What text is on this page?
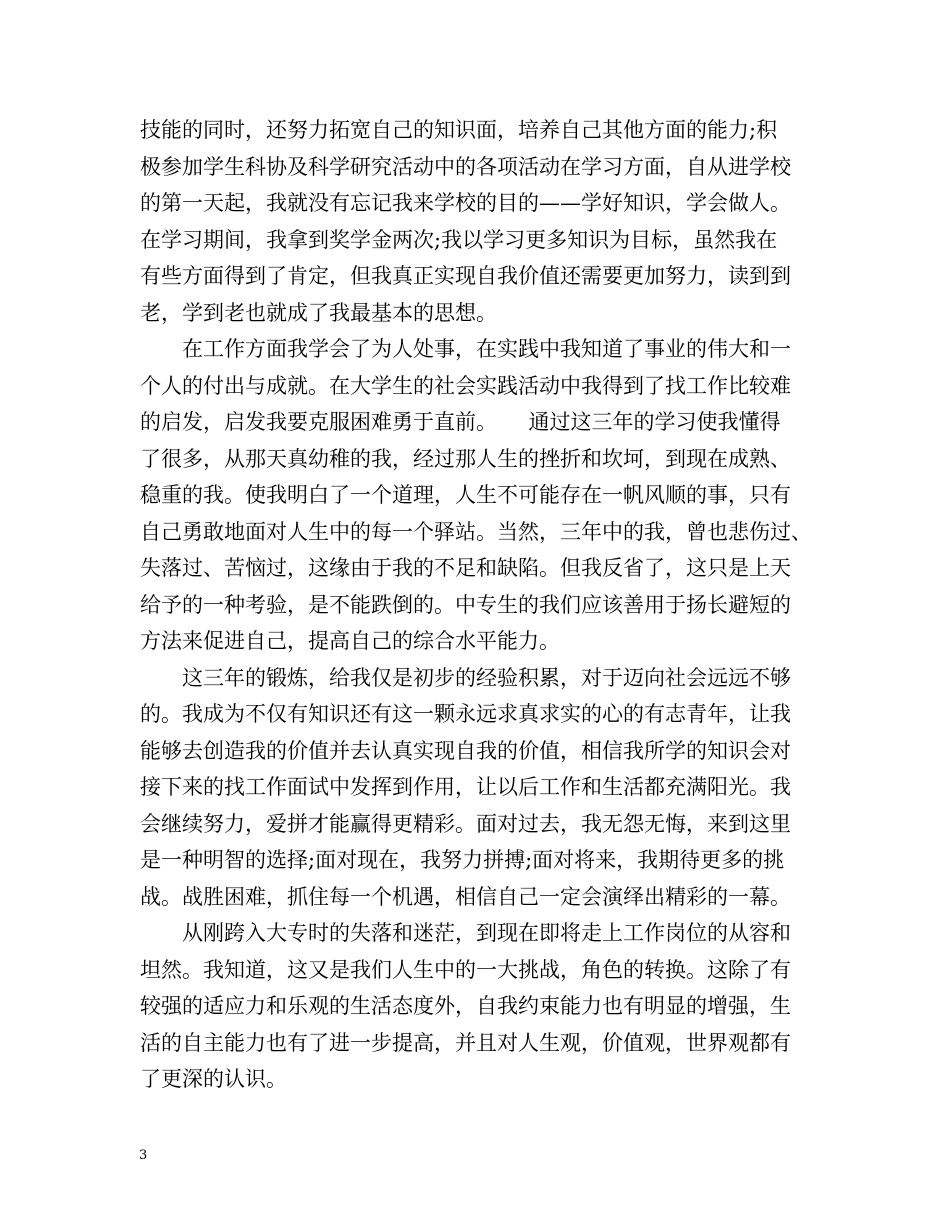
技能的同时，还努力拓宽自己的知识面，培养自己其他方面的能力;积
极参加学生科协及科学研究活动中的各项活动在学习方面，自从进学校
的第一天起，我就没有忘记我来学校的目的——学好知识，学会做人。
在学习期间，我拿到奖学金两次;我以学习更多知识为目标，虽然我在
有些方面得到了肯定，但我真正实现自我价值还需要更加努力，读到到
老，学到老也就成了我最基本的思想。
　　在工作方面我学会了为人处事，在实践中我知道了事业的伟大和一
个人的付出与成就。在大学生的社会实践活动中我得到了找工作比较难
的启发，启发我要克服困难勇于直前。　　通过这三年的学习使我懂得
了很多，从那天真幼稚的我，经过那人生的挫折和坎坷，到现在成熟、
稳重的我。使我明白了一个道理，人生不可能存在一帆风顺的事，只有
自己勇敢地面对人生中的每一个驿站。当然，三年中的我，曾也悲伤过、
失落过、苦恼过，这缘由于我的不足和缺陷。但我反省了，这只是上天
给予的一种考验，是不能跌倒的。中专生的我们应该善用于扬长避短的
方法来促进自己，提高自己的综合水平能力。
　　这三年的锻炼，给我仅是初步的经验积累，对于迈向社会远远不够
的。我成为不仅有知识还有这一颗永远求真求实的心的有志青年，让我
能够去创造我的价值并去认真实现自我的价值，相信我所学的知识会对
接下来的找工作面试中发挥到作用，让以后工作和生活都充满阳光。我
会继续努力，爱拼才能赢得更精彩。面对过去，我无怨无悔，来到这里
是一种明智的选择;面对现在，我努力拼搏;面对将来，我期待更多的挑
战。战胜困难，抓住每一个机遇，相信自己一定会演绎出精彩的一幕。
　　从刚跨入大专时的失落和迷茫，到现在即将走上工作岗位的从容和
坦然。我知道，这又是我们人生中的一大挑战，角色的转换。这除了有
较强的适应力和乐观的生活态度外，自我约束能力也有明显的增强，生
活的自主能力也有了进一步提高，并且对人生观，价值观，世界观都有
了更深的认识。
3
